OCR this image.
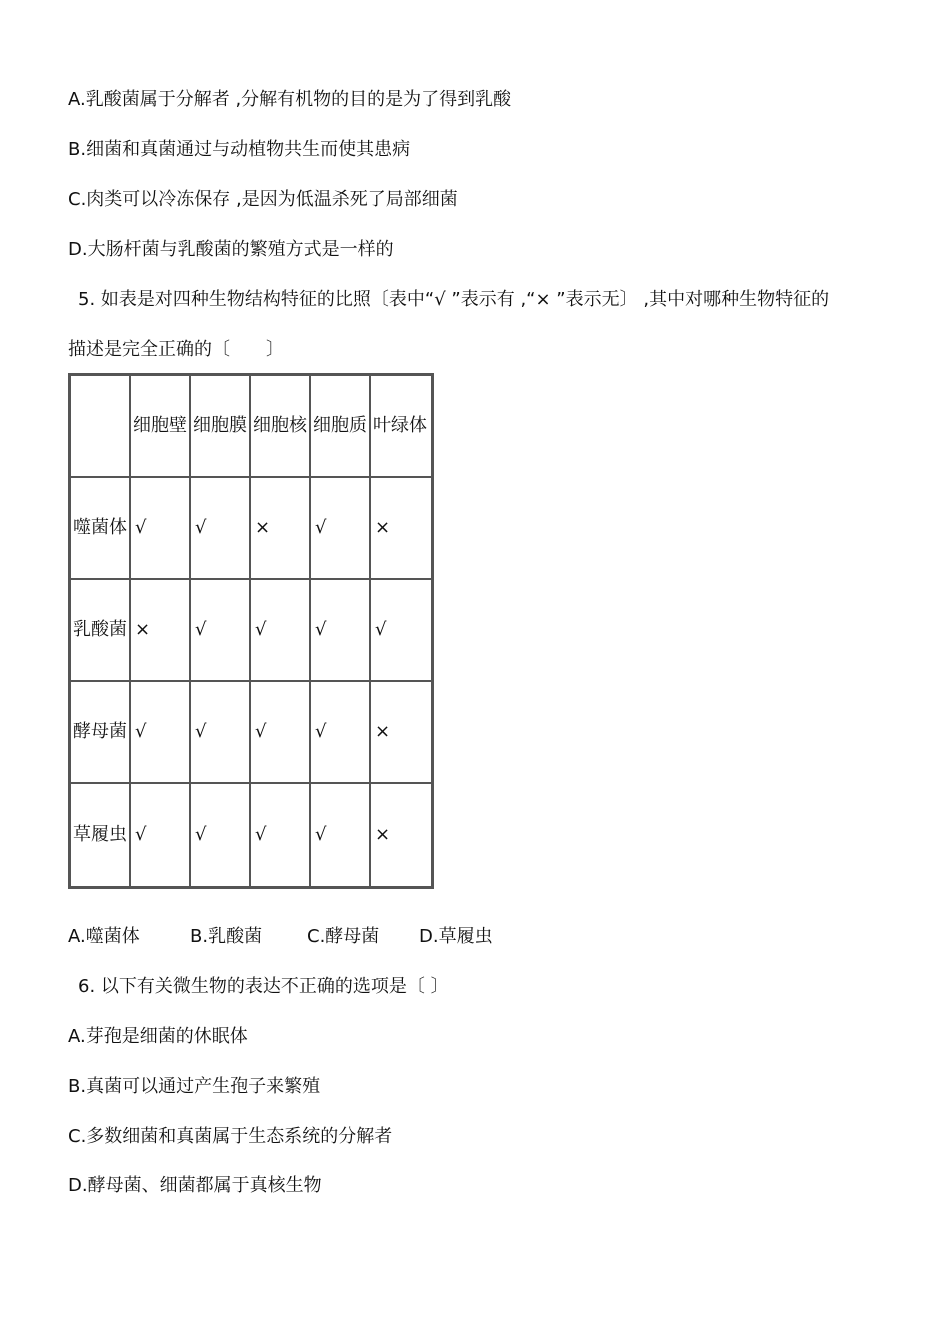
A.乳酸菌属于分解者 ,分解有机物的目的是为了得到乳酸
B.细菌和真菌通过与动植物共生而使其患病
C.肉类可以冷冻保存 ,是因为低温杀死了局部细菌
D.大肠杆菌与乳酸菌的繁殖方式是一样的
5. 如表是对四种生物结构特征的比照〔表中“√ ”表示有 ,“× ”表示无〕 ,其中对哪种生物特征的
描述是完全正确的〔　　〕

	细胞壁	细胞膜	细胞核	细胞质	叶绿体

噬菌体	√	√	×	√	×

乳酸菌	×	√	√	√	√

酵母菌	√	√	√	√	×

草履虫	√	√	√	√	×
A.噬菌体	B.乳酸菌 C.酵母菌 D.草履虫
6. 以下有关微生物的表达不正确的选项是〔 〕
A.芽孢是细菌的休眠体
B.真菌可以通过产生孢子来繁殖
C.多数细菌和真菌属于生态系统的分解者
D.酵母菌、细菌都属于真核生物
